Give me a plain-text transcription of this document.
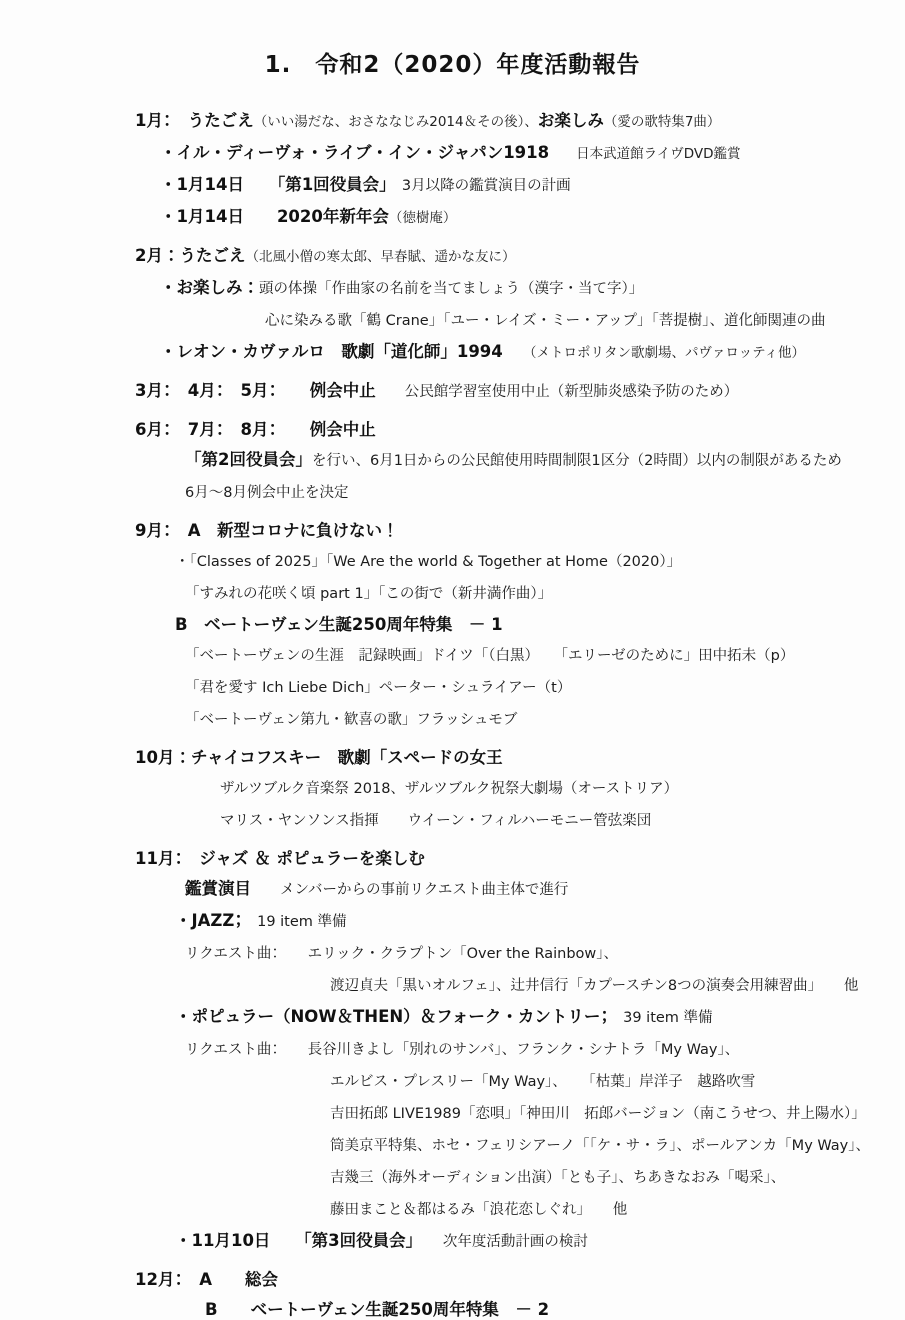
1.　令和2（2020）年度活動報告
1月：　うたごえ（いい湯だな、おさななじみ2014＆その後）、お楽しみ（愛の歌特集7曲）
・イル・ディーヴォ・ライブ・イン・ジャパン1918　　日本武道館ライヴDVD鑑賞
・1月14日　　「第1回役員会」　3月以降の鑑賞演目の計画
・1月14日　　2020年新年会（徳樹庵）
2月：うたごえ（北風小僧の寒太郎、早春賦、遥かな友に）
・お楽しみ：頭の体操「作曲家の名前を当てましょう（漢字・当て字）」
心に染みる歌「鶴 Crane」「ユー・レイズ・ミー・アップ」「菩提樹」、道化師関連の曲
・レオン・カヴァルロ　歌劇「道化師」1994　　（メトロポリタン歌劇場、パヴァロッティ他）
3月：　4月：　5月：　　例会中止　　公民館学習室使用中止（新型肺炎感染予防のため）
6月：　7月：　8月：　　例会中止
「第2回役員会」を行い、6月1日からの公民館使用時間制限1区分（2時間）以内の制限があるため
6月～8月例会中止を決定
9月：　A　新型コロナに負けない！
・「Classes of 2025」「We Are the world & Together at Home（2020）」
「すみれの花咲く頃 part 1」「この街で（新井満作曲）」
B　ベートーヴェン生誕250周年特集　－ 1
「ベートーヴェンの生涯　記録映画」ドイツ「（白黒）　　「エリーゼのために」田中拓未（p）
「君を愛す Ich Liebe Dich」ペーター・シュライアー（t）
「ベートーヴェン第九・歓喜の歌」フラッシュモブ
10月：チャイコフスキー　歌劇「スペードの女王
ザルツブルク音楽祭 2018、ザルツブルク祝祭大劇場（オーストリア）
マリス・ヤンソンス指揮　　ウイーン・フィルハーモニー管弦楽団
11月：　ジャズ ＆ ポピュラーを楽しむ
鑑賞演目　　メンバーからの事前リクエスト曲主体で進行
・JAZZ；　19 item 準備
リクエスト曲：　　エリック・クラプトン「Over the Rainbow」、
渡辺貞夫「黒いオルフェ」、辻井信行「カプースチン8つの演奏会用練習曲」　　他
・ポピュラー（NOW＆THEN）＆フォーク・カントリー；　39 item 準備
リクエスト曲：　　長谷川きよし「別れのサンバ」、フランク・シナトラ「My Way」、
エルビス・プレスリー「My Way」、　　「枯葉」岸洋子　越路吹雪
吉田拓郎 LIVE1989「恋唄」「神田川　拓郎バージョン（南こうせつ、井上陽水）」
筒美京平特集、ホセ・フェリシアーノ「「ケ・サ・ラ」、ポールアンカ「My Way」、
吉幾三（海外オーディション出演）「とも子」、ちあきなおみ「喝采」、
藤田まこと＆都はるみ「浪花恋しぐれ」　　他
・11月10日　　「第3回役員会」　　次年度活動計画の検討
12月：　A　　総会
B　　ベートーヴェン生誕250周年特集　－ 2
